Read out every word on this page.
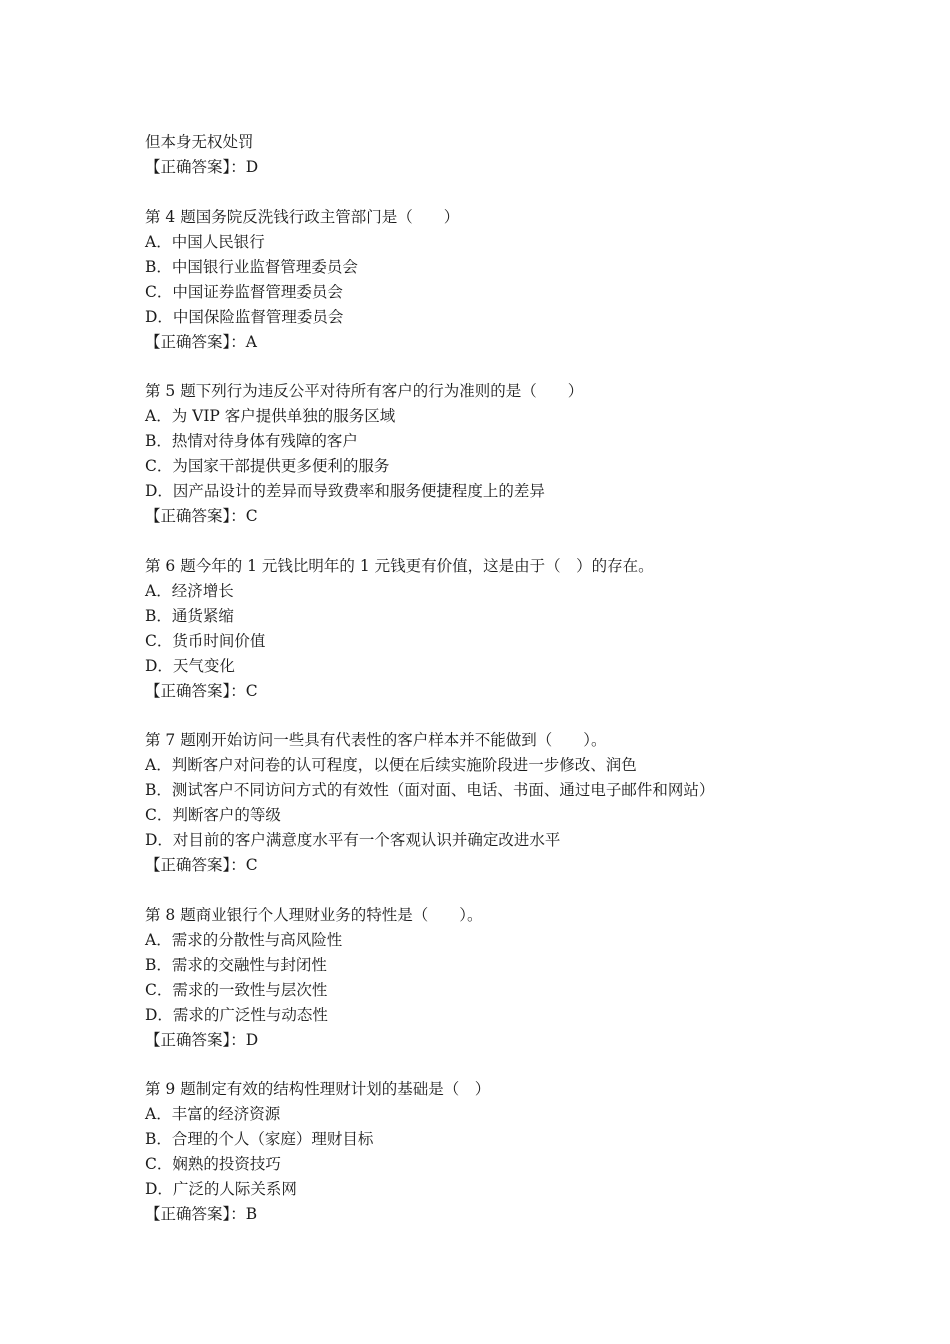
但本身无权处罚
【正确答案】：D
第 4 题国务院反洗钱行政主管部门是（　　）
A．中国人民银行
B．中国银行业监督管理委员会
C．中国证券监督管理委员会
D．中国保险监督管理委员会
【正确答案】：A
第 5 题下列行为违反公平对待所有客户的行为准则的是（　　）
A．为 VIP 客户提供单独的服务区域
B．热情对待身体有残障的客户
C．为国家干部提供更多便利的服务
D．因产品设计的差异而导致费率和服务便捷程度上的差异
【正确答案】：C
第 6 题今年的 1 元钱比明年的 1 元钱更有价值，这是由于（　）的存在。
A．经济增长
B．通货紧缩
C．货币时间价值
D．天气变化
【正确答案】：C
第 7 题刚开始访问一些具有代表性的客户样本并不能做到（　　）。
A．判断客户对问卷的认可程度，以便在后续实施阶段进一步修改、润色
B．测试客户不同访问方式的有效性（面对面、电话、书面、通过电子邮件和网站）
C．判断客户的等级
D．对目前的客户满意度水平有一个客观认识并确定改进水平
【正确答案】：C
第 8 题商业银行个人理财业务的特性是（　　）。
A．需求的分散性与高风险性
B．需求的交融性与封闭性
C．需求的一致性与层次性
D．需求的广泛性与动态性
【正确答案】：D
第 9 题制定有效的结构性理财计划的基础是（　）
A．丰富的经济资源
B．合理的个人（家庭）理财目标
C．娴熟的投资技巧
D．广泛的人际关系网
【正确答案】：B
